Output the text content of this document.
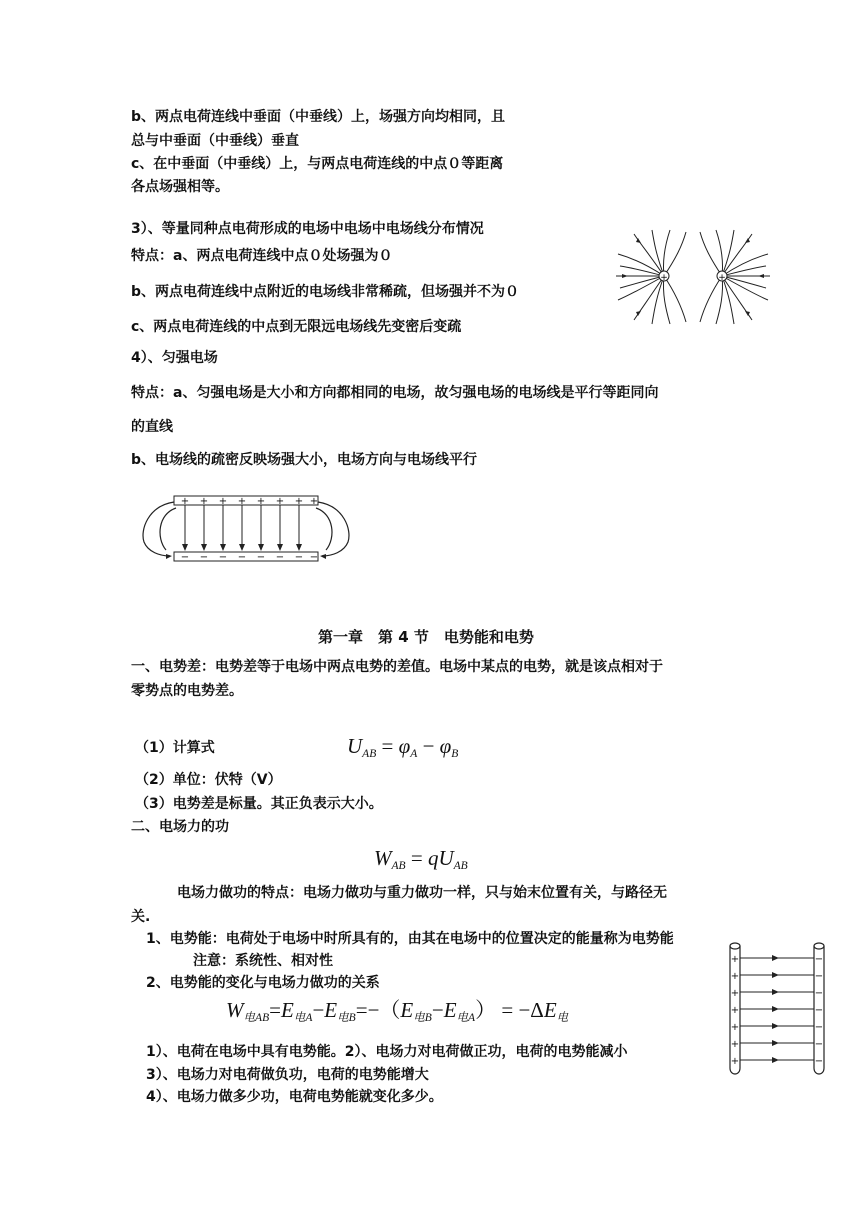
b、两点电荷连线中垂面（中垂线）上，场强方向均相同，且
总与中垂面（中垂线）垂直
c、在中垂面（中垂线）上，与两点电荷连线的中点０等距离
各点场强相等。
3）、等量同种点电荷形成的电场中电场中电场线分布情况
特点：a、两点电荷连线中点０处场强为０
b、两点电荷连线中点附近的电场线非常稀疏，但场强并不为０
c、两点电荷连线的中点到无限远电场线先变密后变疏
+	+
4）、匀强电场
特点：a、匀强电场是大小和方向都相同的电场，故匀强电场的电场线是平行等距同向
的直线
b、电场线的疏密反映场强大小，电场方向与电场线平行
+ + + + + + + +
− − − − − − − −
第一章　第 4 节　电势能和电势
一、电势差：电势差等于电场中两点电势的差值。电场中某点的电势，就是该点相对于
零势点的电势差。
（1）计算式	$U_{AB} = \varphi_A - \varphi_B$
（2）单位：伏特（V）
（3）电势差是标量。其正负表示大小。
二、电场力的功
$W_{AB} = qU_{AB}$
电场力做功的特点：电场力做功与重力做功一样，只与始末位置有关，与路径无
关.
1、电势能：电荷处于电场中时所具有的，由其在电场中的位置决定的能量称为电势能
注意：系统性、相对性
2、电势能的变化与电场力做功的关系
$W_{电AB}=E_{电A}-E_{电B}=-(E_{电B}-E_{电A}) = -\Delta E_电$
1）、电荷在电场中具有电势能。2）、电场力对电荷做正功，电荷的电势能减小
3）、电场力对电荷做负功，电荷的电势能增大
4）、电场力做多少功，电荷电势能就变化多少。
+
+
+
+
+
+
+
−
−
−
−
−
−
−
